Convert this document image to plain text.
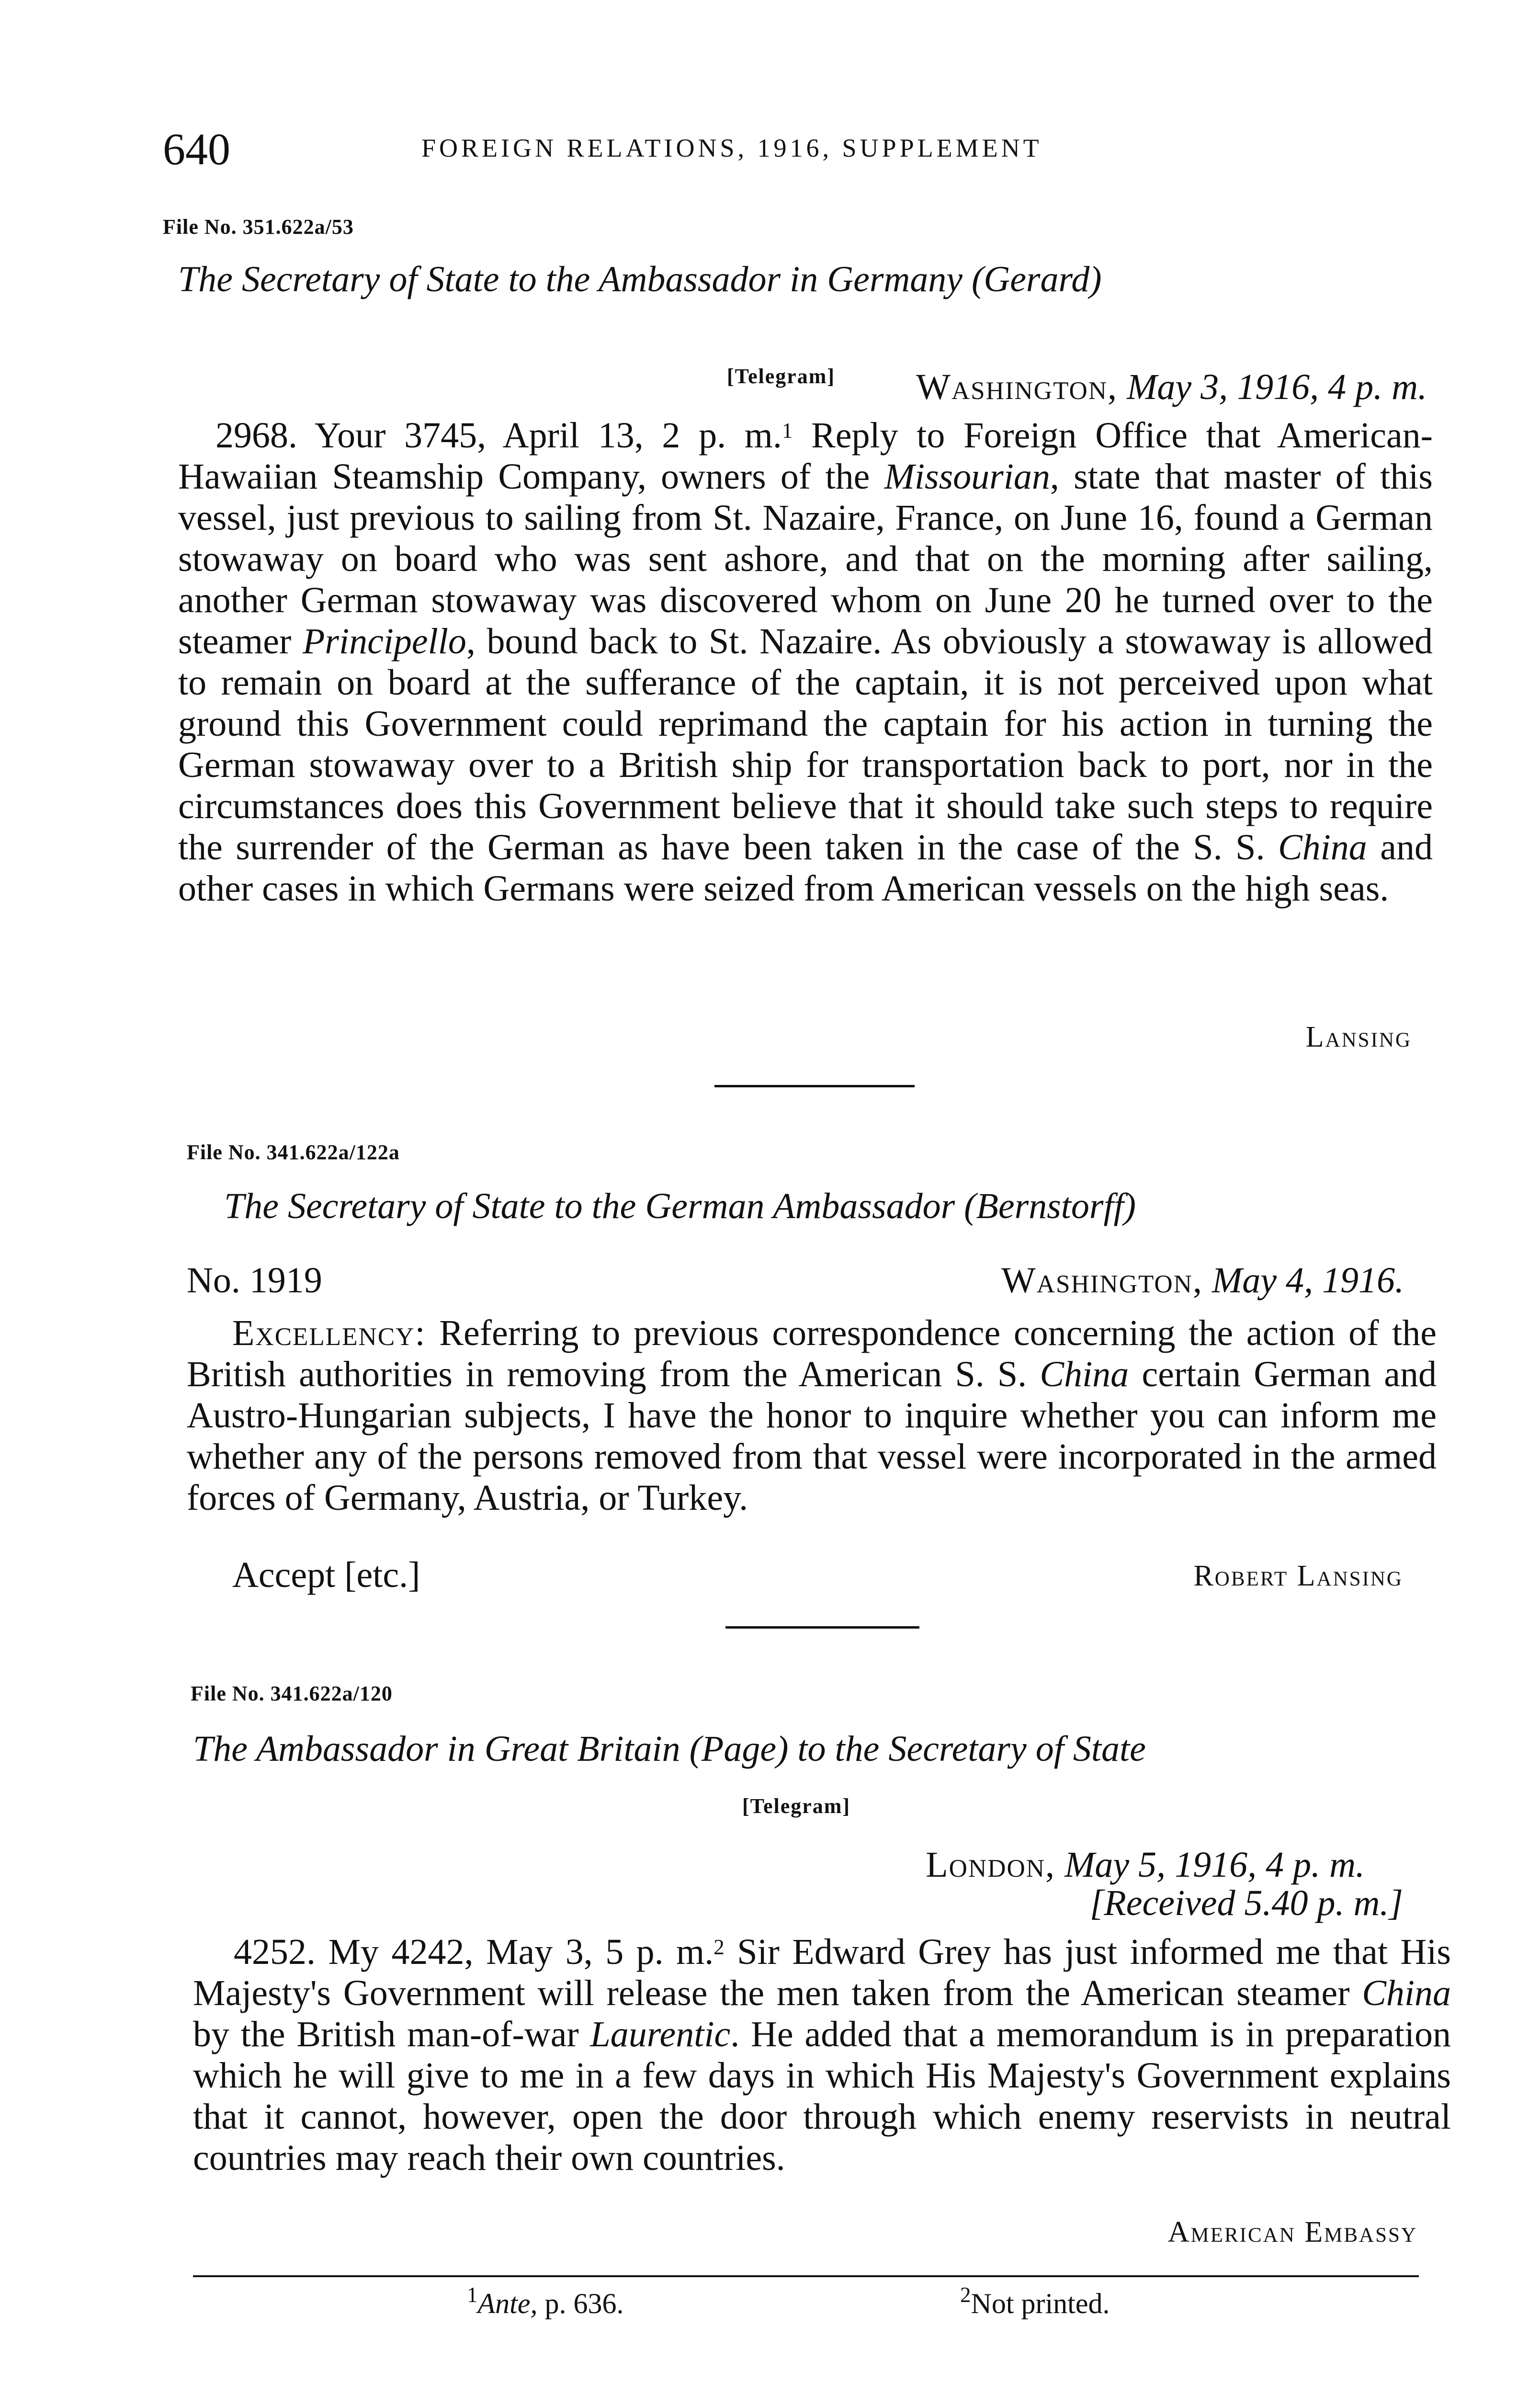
640	FOREIGN RELATIONS, 1916, SUPPLEMENT
File No. 351.622a/53
The Secretary of State to the Ambassador in Germany (Gerard)
[Telegram]	Washington, May 3, 1916, 4 p. m.
2968. Your 3745, April 13, 2 p. m.$^1$ Reply to Foreign Office that American-Hawaiian Steamship Company, owners of the Missourian, state that master of this vessel, just previous to sailing from St. Nazaire, France, on June 16, found a German stowaway on board who was sent ashore, and that on the morning after sailing, another German stowaway was discovered whom on June 20 he turned over to the steamer Principello, bound back to St. Nazaire. As obviously a stowaway is allowed to remain on board at the sufferance of the captain, it is not perceived upon what ground this Government could reprimand the captain for his action in turning the German stowaway over to a British ship for transportation back to port, nor in the circumstances does this Government believe that it should take such steps to require the surrender of the German as have been taken in the case of the S. S. China and other cases in which Germans were seized from American vessels on the high seas.
Lansing
File No. 341.622a/122a
The Secretary of State to the German Ambassador (Bernstorff)
No. 1919	Washington, May 4, 1916.
Excellency: Referring to previous correspondence concerning the action of the British authorities in removing from the American S. S. China certain German and Austro-Hungarian subjects, I have the honor to inquire whether you can inform me whether any of the persons removed from that vessel were incorporated in the armed forces of Germany, Austria, or Turkey.
Accept [etc.]	Robert Lansing
File No. 341.622a/120
The Ambassador in Great Britain (Page) to the Secretary of State
[Telegram]
London, May 5, 1916, 4 p. m.
[Received 5.40 p. m.]
4252. My 4242, May 3, 5 p. m.$^2$ Sir Edward Grey has just informed me that His Majesty's Government will release the men taken from the American steamer China by the British man-of-war Laurentic. He added that a memorandum is in preparation which he will give to me in a few days in which His Majesty's Government explains that it cannot, however, open the door through which enemy reservists in neutral countries may reach their own countries.
American Embassy
$^1$Ante, p. 636.	$^2$Not printed.
